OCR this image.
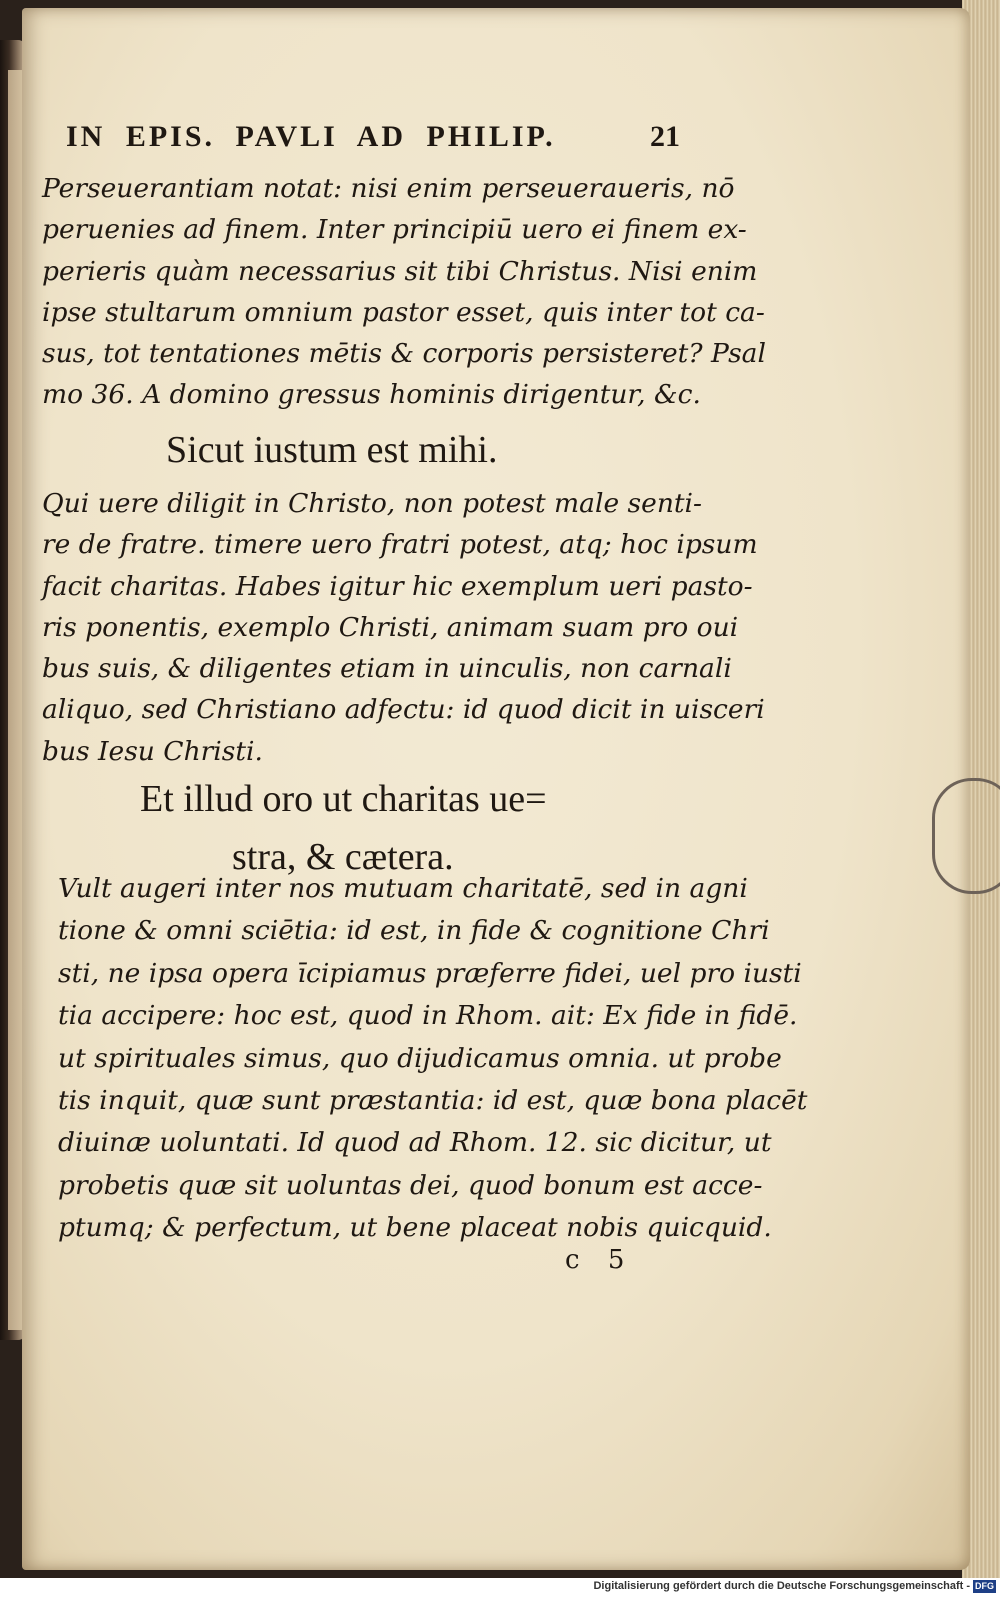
IN EPIS. PAVLI AD PHILIP.	21
Perseuerantiam notat: nisi enim perseueraueris, nō
peruenies ad finem. Inter principiū uero ei finem ex-
perieris quàm necessarius sit tibi Christus. Nisi enim
ipse stultarum omnium pastor esset, quis inter tot ca-
sus, tot tentationes mētis & corporis persisteret? Psal
mo 36. A domino gressus hominis dirigentur, &c.
Sicut iustum est mihi.
Qui uere diligit in Christo, non potest male senti-
re de fratre. timere uero fratri potest, atq; hoc ipsum
facit charitas. Habes igitur hic exemplum ueri pasto-
ris ponentis, exemplo Christi, animam suam pro oui
bus suis, & diligentes etiam in uinculis, non carnali
aliquo, sed Christiano adfectu: id quod dicit in uisceri
bus Iesu Christi.
Et illud oro ut charitas ue=
stra, & cætera.
Vult augeri inter nos mutuam charitatē, sed in agni
tione & omni sciētia: id est, in fide & cognitione Chri
sti, ne ipsa opera īcipiamus præferre fidei, uel pro iusti
tia accipere: hoc est, quod in Rhom. ait: Ex fide in fidē.
ut spirituales simus, quo dijudicamus omnia. ut probe
tis inquit, quæ sunt præstantia: id est, quæ bona placēt
diuinæ uoluntati. Id quod ad Rhom. 12. sic dicitur, ut
probetis quæ sit uoluntas dei, quod bonum est acce-
ptumq; & perfectum, ut bene placeat nobis quicquid.
c 5
Digitalisierung gefördert durch die Deutsche Forschungsgemeinschaft - DFG
